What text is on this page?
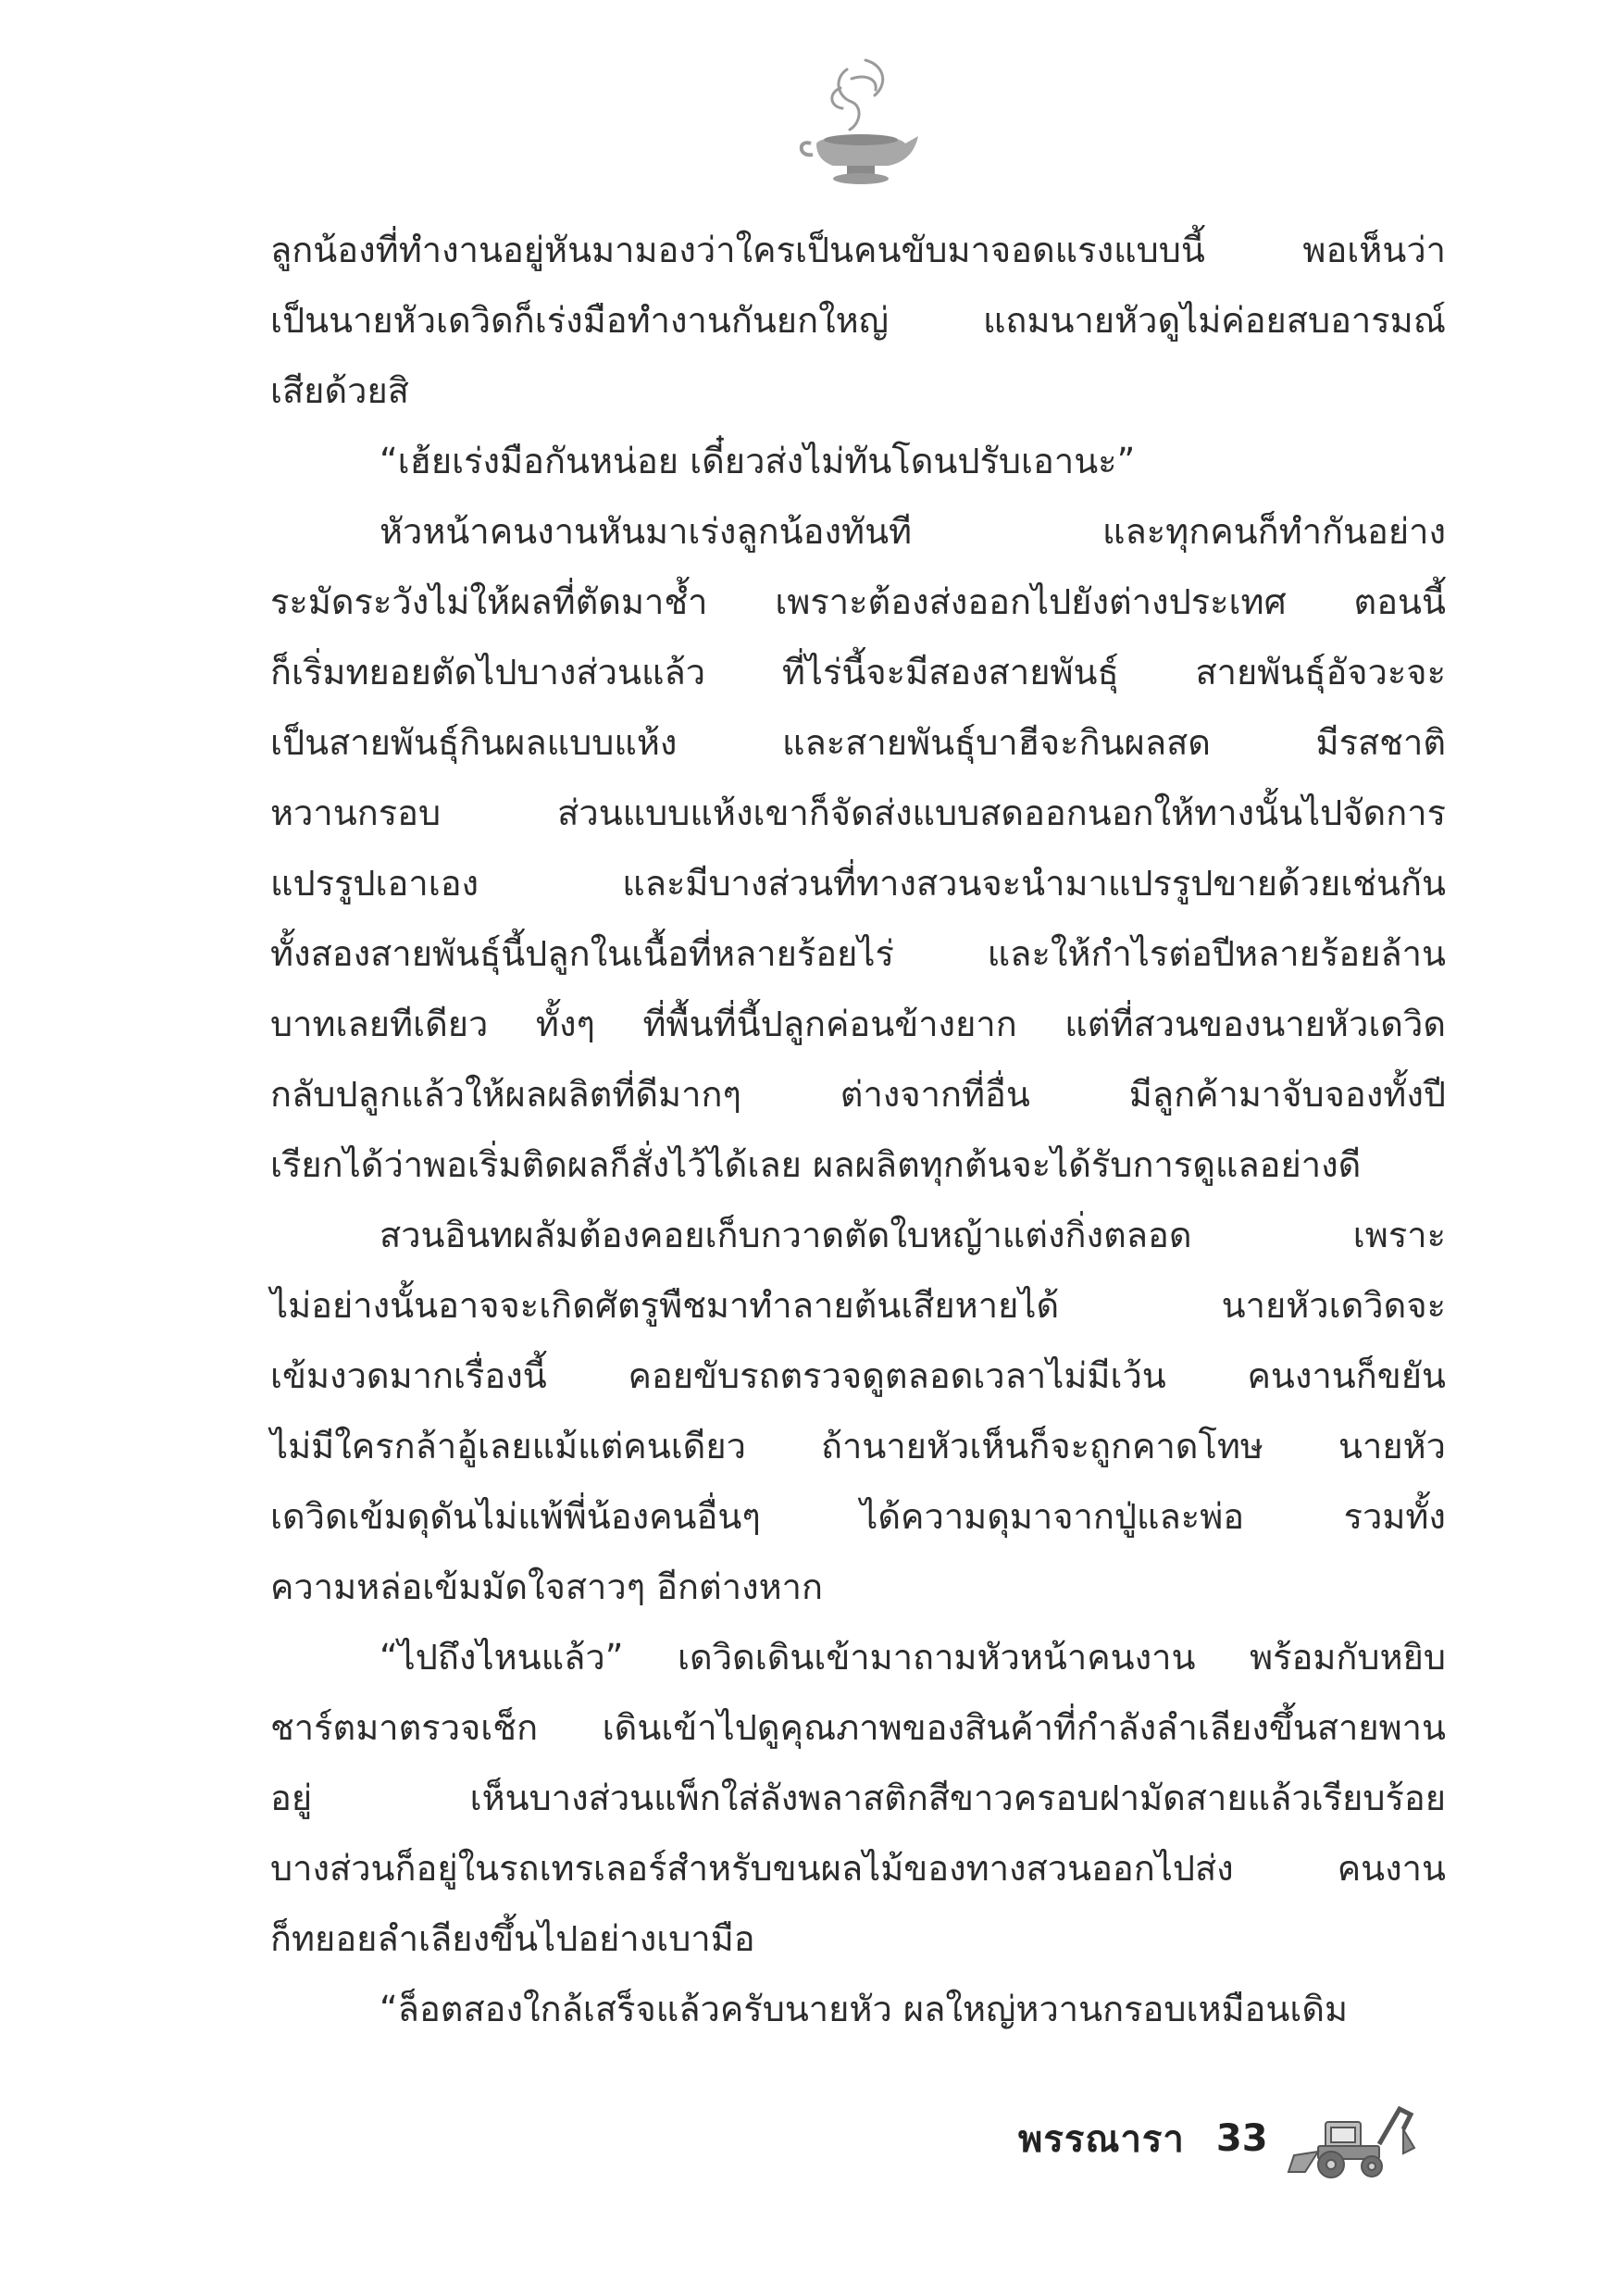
ลูกน้องที่ทำงานอยู่หันมามองว่าใครเป็นคนขับมาจอดแรงแบบนี้ พอเห็นว่า
เป็นนายหัวเดวิดก็เร่งมือทำงานกันยกใหญ่ แถมนายหัวดูไม่ค่อยสบอารมณ์
เสียด้วยสิ
“เฮ้ยเร่งมือกันหน่อย เดี๋ยวส่งไม่ทันโดนปรับเอานะ”
หัวหน้าคนงานหันมาเร่งลูกน้องทันที และทุกคนก็ทำกันอย่าง
ระมัดระวังไม่ให้ผลที่ตัดมาช้ำ เพราะต้องส่งออกไปยังต่างประเทศ ตอนนี้
ก็เริ่มทยอยตัดไปบางส่วนแล้ว ที่ไร่นี้จะมีสองสายพันธุ์ สายพันธุ์อัจวะจะ
เป็นสายพันธุ์กินผลแบบแห้ง และสายพันธุ์บาฮีจะกินผลสด มีรสชาติ
หวานกรอบ ส่วนแบบแห้งเขาก็จัดส่งแบบสดออกนอกให้ทางนั้นไปจัดการ
แปรรูปเอาเอง และมีบางส่วนที่ทางสวนจะนำมาแปรรูปขายด้วยเช่นกัน
ทั้งสองสายพันธุ์นี้ปลูกในเนื้อที่หลายร้อยไร่ และให้กำไรต่อปีหลายร้อยล้าน
บาทเลยทีเดียว ทั้งๆ ที่พื้นที่นี้ปลูกค่อนข้างยาก แต่ที่สวนของนายหัวเดวิด
กลับปลูกแล้วให้ผลผลิตที่ดีมากๆ ต่างจากที่อื่น มีลูกค้ามาจับจองทั้งปี
เรียกได้ว่าพอเริ่มติดผลก็สั่งไว้ได้เลย ผลผลิตทุกต้นจะได้รับการดูแลอย่างดี
สวนอินทผลัมต้องคอยเก็บกวาดตัดใบหญ้าแต่งกิ่งตลอด เพราะ
ไม่อย่างนั้นอาจจะเกิดศัตรูพืชมาทำลายต้นเสียหายได้ นายหัวเดวิดจะ
เข้มงวดมากเรื่องนี้ คอยขับรถตรวจดูตลอดเวลาไม่มีเว้น คนงานก็ขยัน
ไม่มีใครกล้าอู้เลยแม้แต่คนเดียว ถ้านายหัวเห็นก็จะถูกคาดโทษ นายหัว
เดวิดเข้มดุดันไม่แพ้พี่น้องคนอื่นๆ ได้ความดุมาจากปู่และพ่อ รวมทั้ง
ความหล่อเข้มมัดใจสาวๆ อีกต่างหาก
“ไปถึงไหนแล้ว” เดวิดเดินเข้ามาถามหัวหน้าคนงาน พร้อมกับหยิบ
ชาร์ตมาตรวจเช็ก เดินเข้าไปดูคุณภาพของสินค้าที่กำลังลำเลียงขึ้นสายพาน
อยู่ เห็นบางส่วนแพ็กใส่ลังพลาสติกสีขาวครอบฝามัดสายแล้วเรียบร้อย
บางส่วนก็อยู่ในรถเทรเลอร์สำหรับขนผลไม้ของทางสวนออกไปส่ง คนงาน
ก็ทยอยลำเลียงขึ้นไปอย่างเบามือ
“ล็อตสองใกล้เสร็จแล้วครับนายหัว ผลใหญ่หวานกรอบเหมือนเดิม
พรรณารา 33
